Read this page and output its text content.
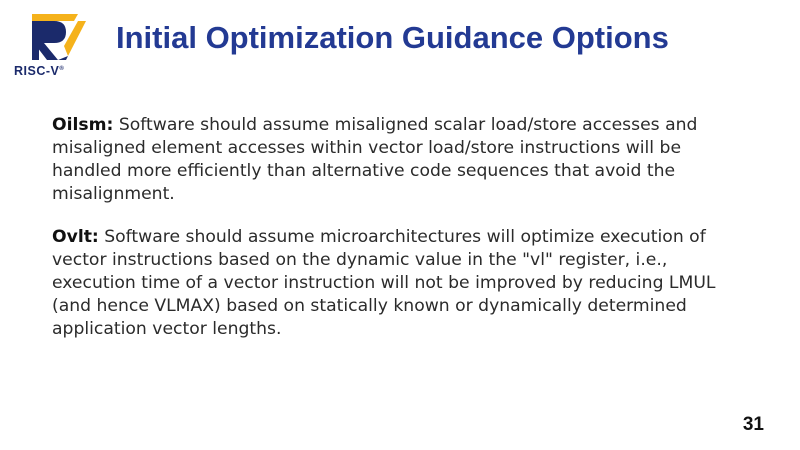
RISC-V®
Initial Optimization Guidance Options

Oilsm: Software should assume misaligned scalar load/store accesses and misaligned element accesses within vector load/store instructions will be handled more efficiently than alternative code sequences that avoid the misalignment.

Ovlt: Software should assume microarchitectures will optimize execution of vector instructions based on the dynamic value in the "vl" register, i.e., execution time of a vector instruction will not be improved by reducing LMUL (and hence VLMAX) based on statically known or dynamically determined application vector lengths.

31
